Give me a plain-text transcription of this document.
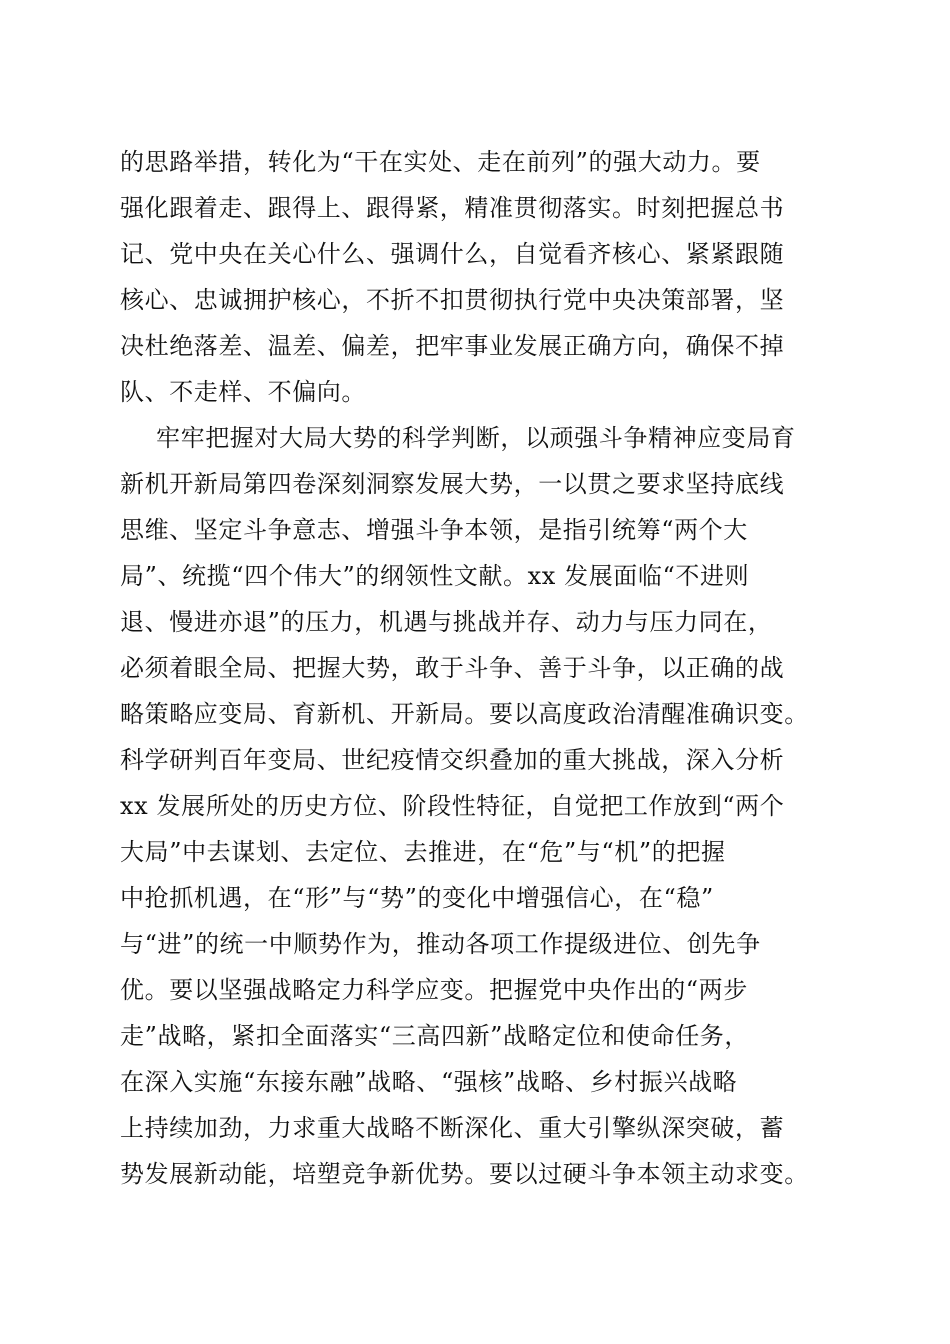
的思路举措，转化为“干在实处、走在前列”的强大动力。要
强化跟着走、跟得上、跟得紧，精准贯彻落实。时刻把握总书
记、党中央在关心什么、强调什么，自觉看齐核心、紧紧跟随
核心、忠诚拥护核心，不折不扣贯彻执行党中央决策部署，坚
决杜绝落差、温差、偏差，把牢事业发展正确方向，确保不掉
队、不走样、不偏向。
牢牢把握对大局大势的科学判断，以顽强斗争精神应变局育
新机开新局第四卷深刻洞察发展大势，一以贯之要求坚持底线
思维、坚定斗争意志、增强斗争本领，是指引统筹“两个大
局”、统揽“四个伟大”的纲领性文献。xx 发展面临“不进则
退、慢进亦退”的压力，机遇与挑战并存、动力与压力同在，
必须着眼全局、把握大势，敢于斗争、善于斗争，以正确的战
略策略应变局、育新机、开新局。要以高度政治清醒准确识变。
科学研判百年变局、世纪疫情交织叠加的重大挑战，深入分析
xx 发展所处的历史方位、阶段性特征，自觉把工作放到“两个
大局”中去谋划、去定位、去推进，在“危”与“机”的把握
中抢抓机遇，在“形”与“势”的变化中增强信心，在“稳”
与“进”的统一中顺势作为，推动各项工作提级进位、创先争
优。要以坚强战略定力科学应变。把握党中央作出的“两步
走”战略，紧扣全面落实“三高四新”战略定位和使命任务，
在深入实施“东接东融”战略、“强核”战略、乡村振兴战略
上持续加劲，力求重大战略不断深化、重大引擎纵深突破，蓄
势发展新动能，培塑竞争新优势。要以过硬斗争本领主动求变。
